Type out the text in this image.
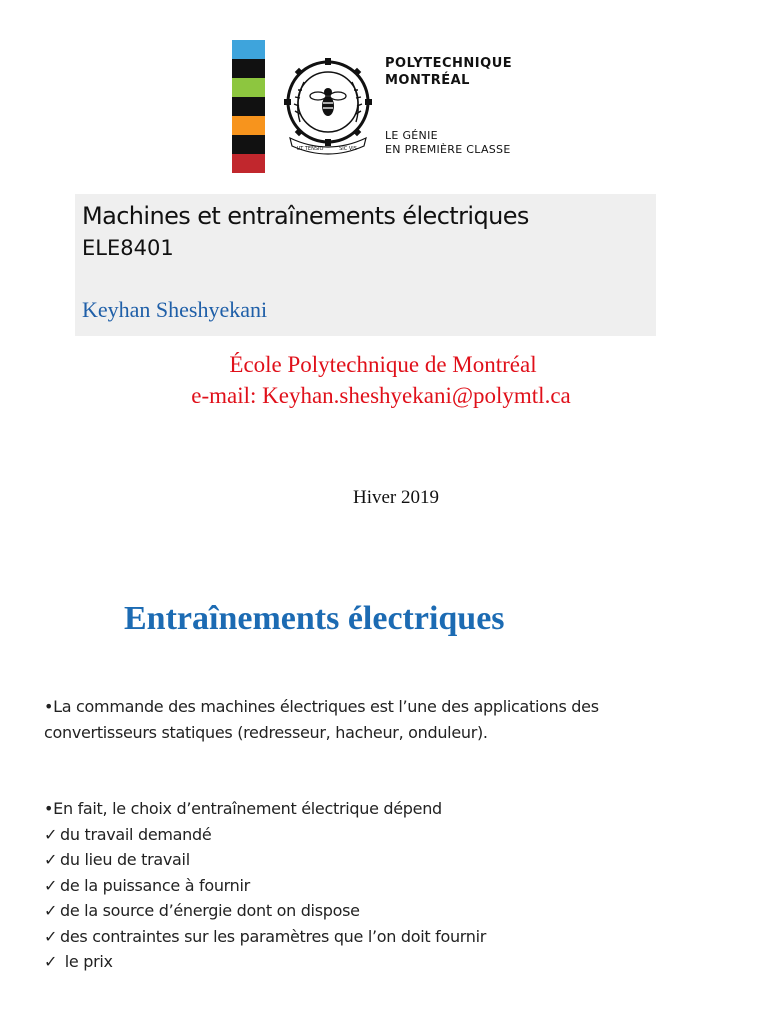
UT TENSIO	SIC VIS
POLYTECHNIQUE
MONTRÉAL
LE GÉNIE
EN PREMIÈRE CLASSE
Machines et entraînements électriques
ELE8401
Keyhan Sheshyekani
École Polytechnique de Montréal
e-mail: Keyhan.sheshyekani@polymtl.ca
Hiver 2019
Entraînements électriques
•La commande des machines électriques est l’une des applications des
convertisseurs statiques (redresseur, hacheur, onduleur).
•En fait, le choix d’entraînement électrique dépend
✓ du travail demandé
✓ du lieu de travail
✓ de la puissance à fournir
✓ de la source d’énergie dont on dispose
✓ des contraintes sur les paramètres que l’on doit fournir
✓ le prix
